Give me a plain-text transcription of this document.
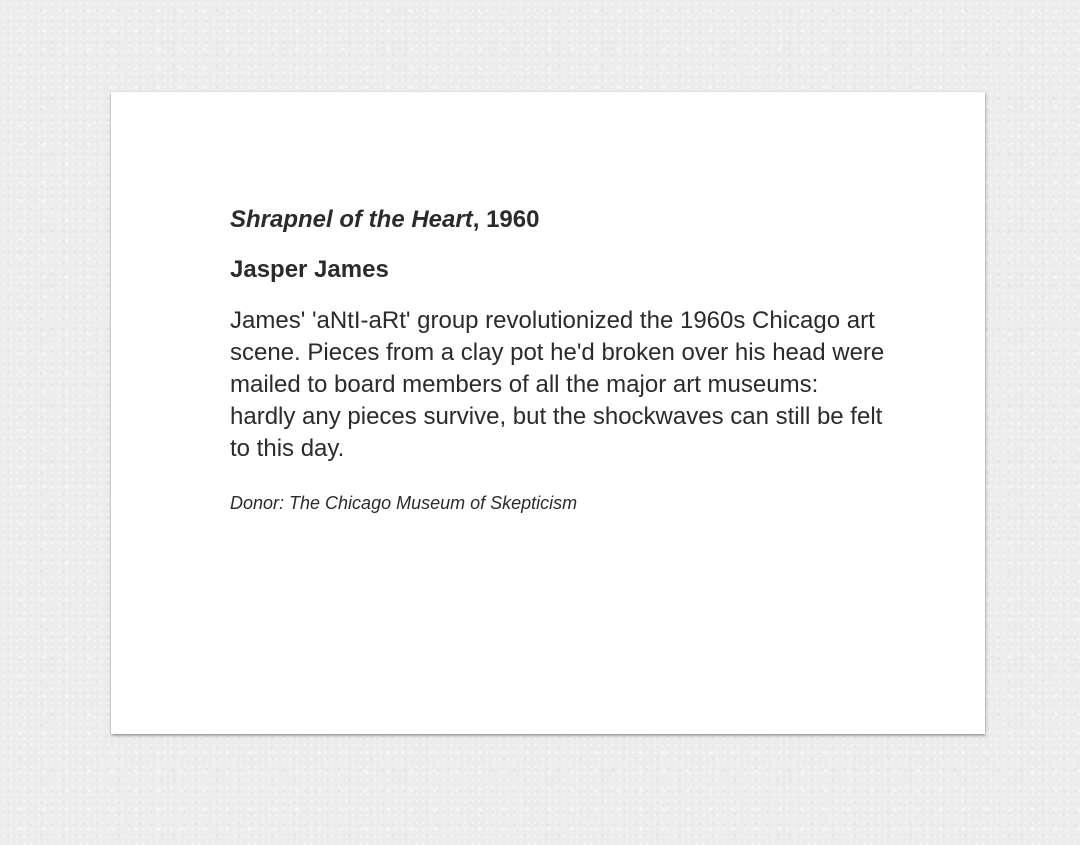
Shrapnel of the Heart, 1960

Jasper James

James' 'aNtI-aRt' group revolutionized the 1960s Chicago art scene. Pieces from a clay pot he'd broken over his head were mailed to board members of all the major art museums: hardly any pieces survive, but the shockwaves can still be felt to this day.

Donor: The Chicago Museum of Skepticism
